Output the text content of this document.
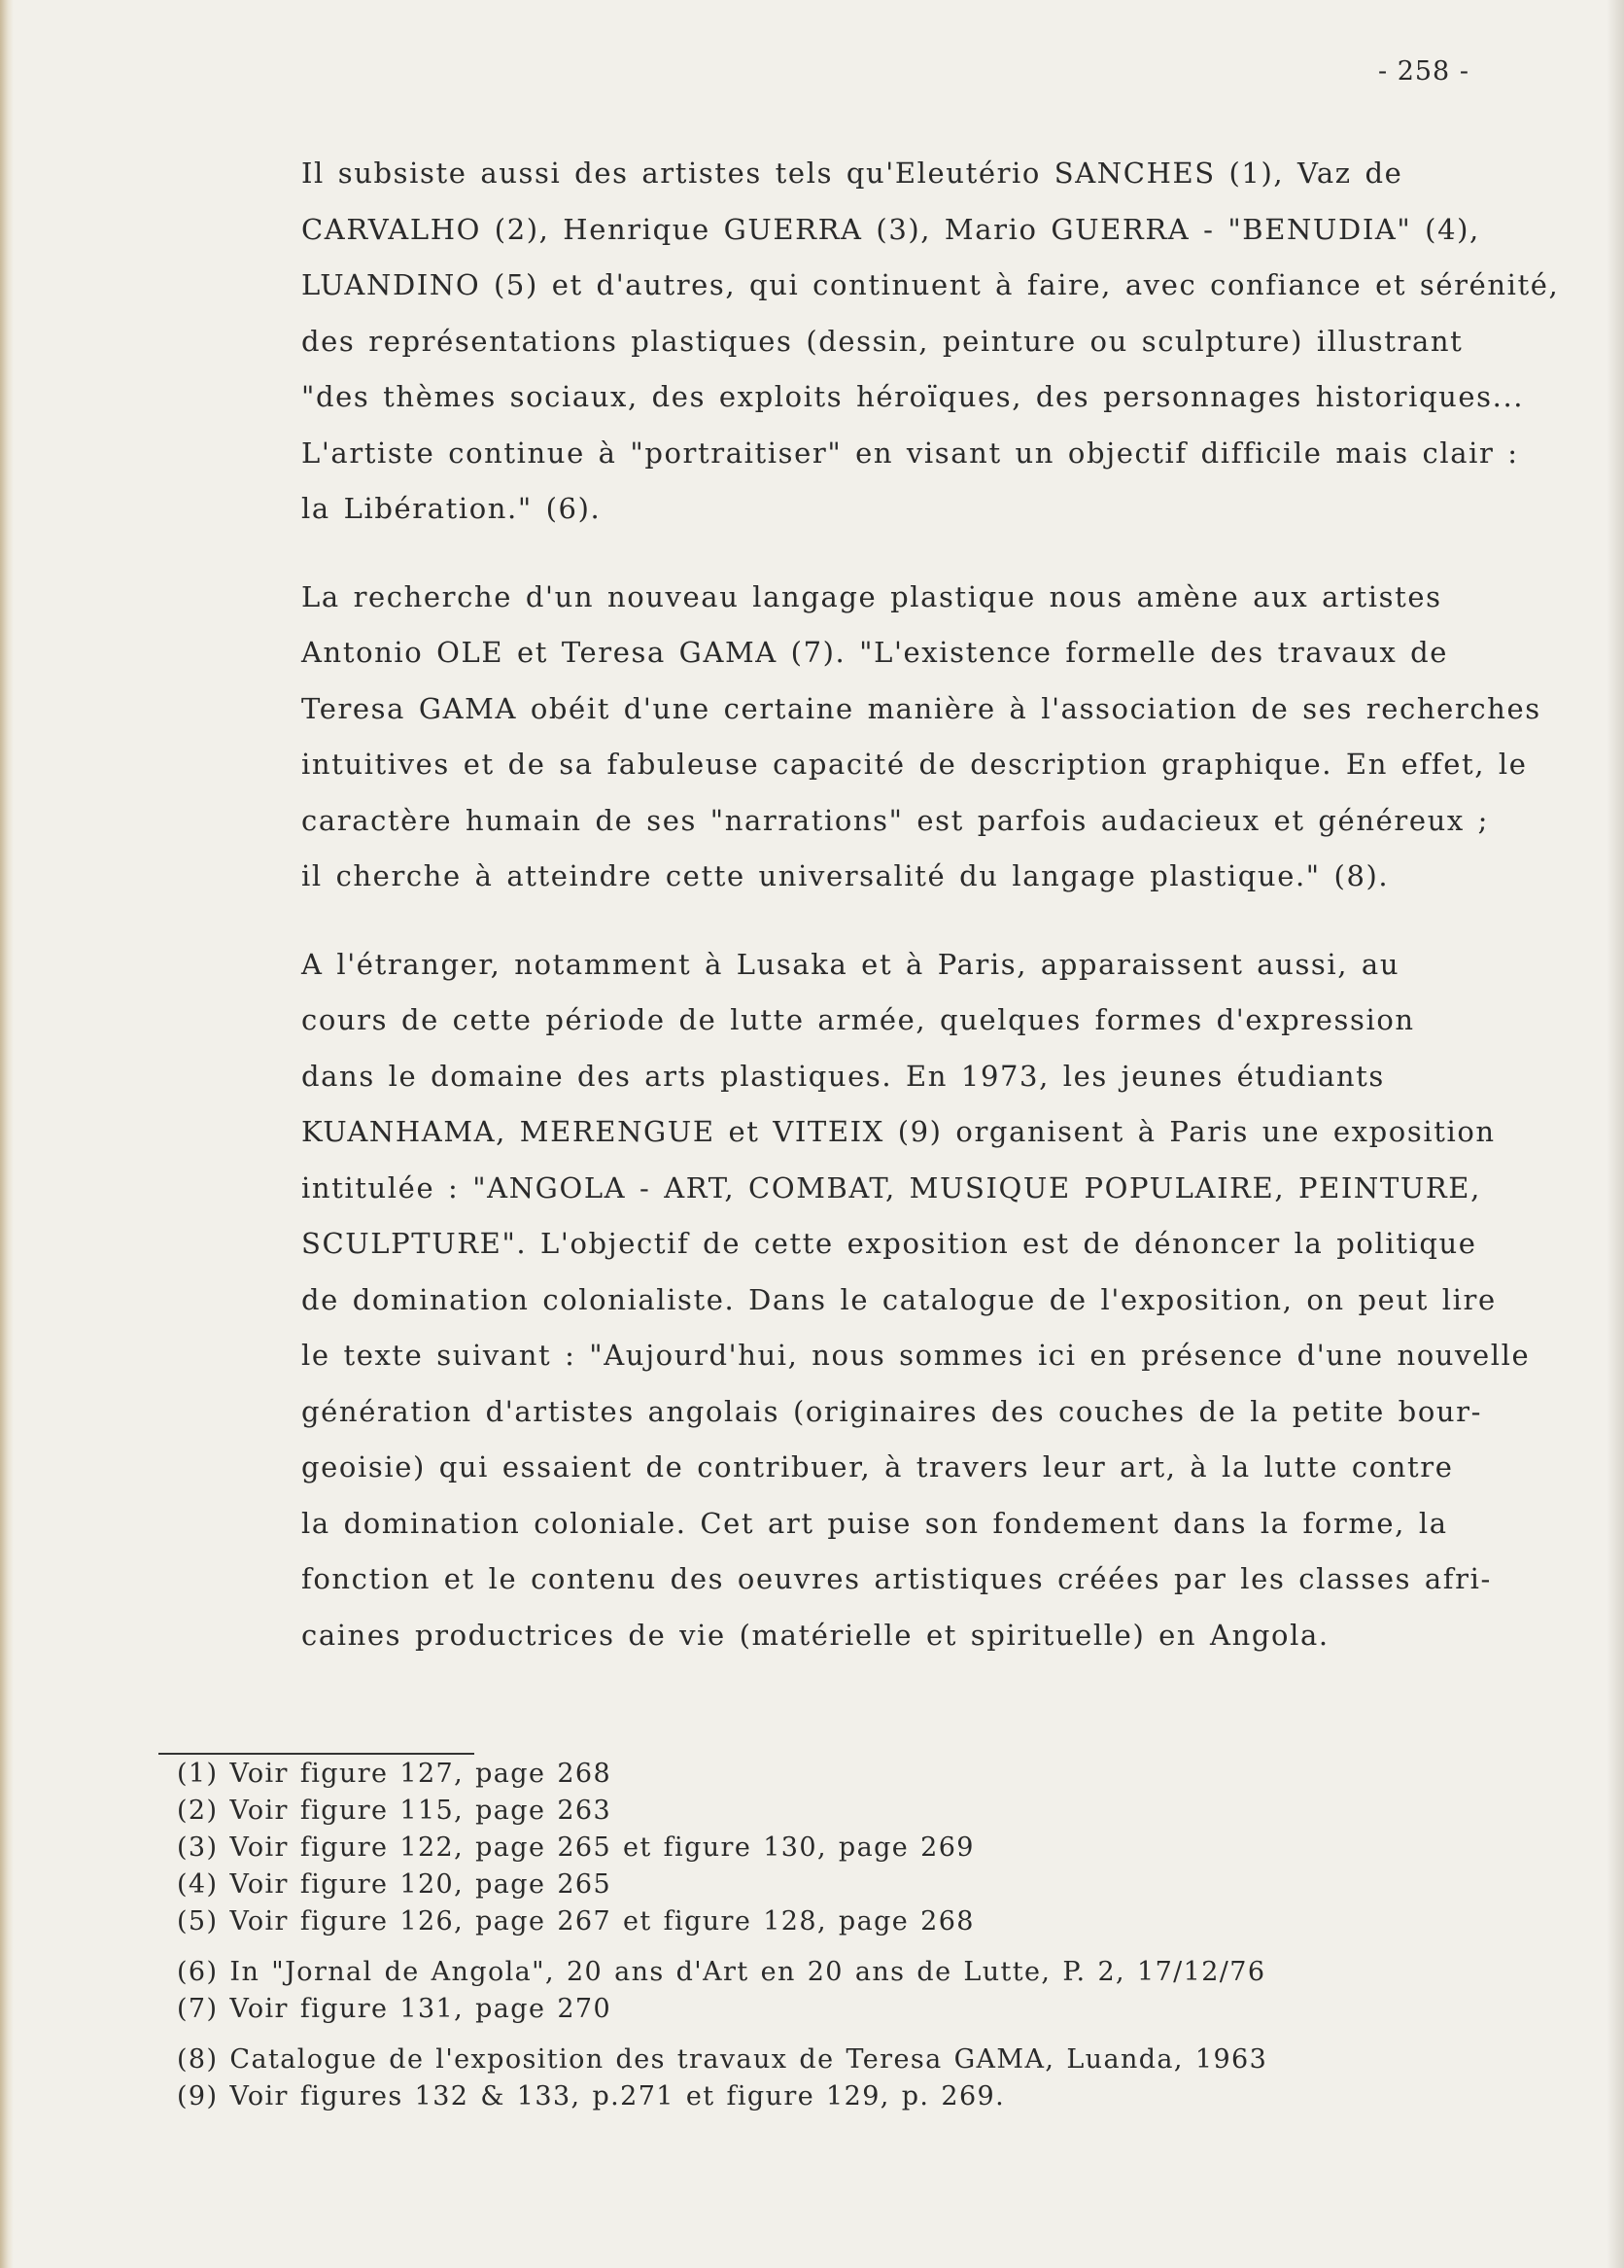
- 258 -

Il subsiste aussi des artistes tels qu'Eleutério SANCHES (1), Vaz de
CARVALHO (2), Henrique GUERRA (3), Mario GUERRA - "BENUDIA" (4),
LUANDINO (5) et d'autres, qui continuent à faire, avec confiance et sérénité,
des représentations plastiques (dessin, peinture ou sculpture) illustrant
"des thèmes sociaux, des exploits héroïques, des personnages historiques...
L'artiste continue à "portraitiser" en visant un objectif difficile mais clair :
la Libération." (6).

La recherche d'un nouveau langage plastique nous amène aux artistes
Antonio OLE et Teresa GAMA (7). "L'existence formelle des travaux de
Teresa GAMA obéit d'une certaine manière à l'association de ses recherches
intuitives et de sa fabuleuse capacité de description graphique. En effet, le
caractère humain de ses "narrations" est parfois audacieux et généreux ;
il cherche à atteindre cette universalité du langage plastique." (8).

A l'étranger, notamment à Lusaka et à Paris, apparaissent aussi, au
cours de cette période de lutte armée, quelques formes d'expression
dans le domaine des arts plastiques. En 1973, les jeunes étudiants
KUANHAMA, MERENGUE et VITEIX (9) organisent à Paris une exposition
intitulée : "ANGOLA - ART, COMBAT, MUSIQUE POPULAIRE, PEINTURE,
SCULPTURE". L'objectif de cette exposition est de dénoncer la politique
de domination colonialiste. Dans le catalogue de l'exposition, on peut lire
le texte suivant : "Aujourd'hui, nous sommes ici en présence d'une nouvelle
génération d'artistes angolais (originaires des couches de la petite bour-
geoisie) qui essaient de contribuer, à travers leur art, à la lutte contre
la domination coloniale. Cet art puise son fondement dans la forme, la
fonction et le contenu des oeuvres artistiques créées par les classes afri-
caines productrices de vie (matérielle et spirituelle) en Angola.

(1) Voir figure 127, page 268
(2) Voir figure 115, page 263
(3) Voir figure 122, page 265 et figure 130, page 269
(4) Voir figure 120, page 265
(5) Voir figure 126, page 267 et figure 128, page 268
(6) In "Jornal de Angola", 20 ans d'Art en 20 ans de Lutte, P. 2, 17/12/76
(7) Voir figure 131, page 270
(8) Catalogue de l'exposition des travaux de Teresa GAMA, Luanda, 1963
(9) Voir figures 132 & 133, p.271 et figure 129, p. 269.
